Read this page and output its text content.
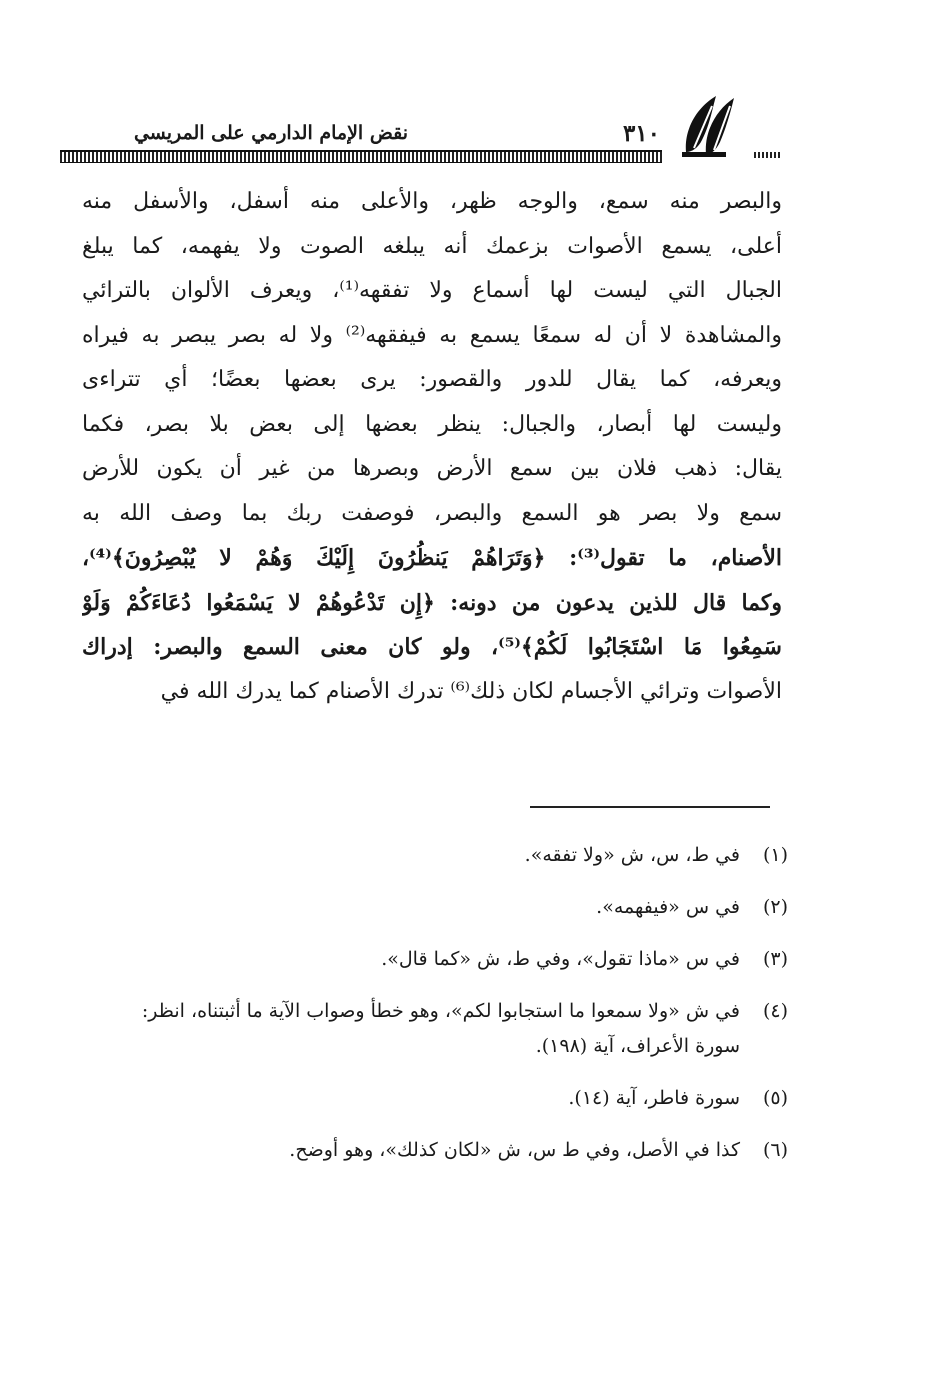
نقض الإمام الدارمي على المريسي	٣١٠
والبصر منه سمع، والوجه ظهر، والأعلى منه أسفل، والأسفل منه
أعلى، يسمع الأصوات بزعمك أنه يبلغه الصوت ولا يفهمه، كما يبلغ
الجبال التي ليست لها أسماع ولا تفقهه⁽¹⁾، ويعرف الألوان بالترائي
والمشاهدة لا أن له سمعًا يسمع به فيفقهه⁽²⁾ ولا له بصر يبصر به فيراه
ويعرفه، كما يقال للدور والقصور: يرى بعضها بعضًا؛ أي تتراءى
وليست لها أبصار، والجبال: ينظر بعضها إلى بعض بلا بصر، فكما
يقال: ذهب فلان بين سمع الأرض وبصرها من غير أن يكون للأرض
سمع ولا بصر هو السمع والبصر، فوصفت ربك بما وصف الله به
الأصنام، ما تقول⁽³⁾: ﴿وَتَرَاهُمْ يَنظُرُونَ إِلَيْكَ وَهُمْ لا يُبْصِرُونَ﴾⁽⁴⁾،
وكما قال للذين يدعون من دونه: ﴿إِن تَدْعُوهُمْ لا يَسْمَعُوا دُعَاءَكُمْ وَلَوْ
سَمِعُوا مَا اسْتَجَابُوا لَكُمْ﴾⁽⁵⁾، ولو كان معنى السمع والبصر: إدراك
الأصوات وترائي الأجسام لكان ذلك⁽⁶⁾ تدرك الأصنام كما يدرك الله في
(١)
في ط، س، ش «ولا تفقه».
(٢)
في س «فيفهمه».
(٣)
في س «ماذا تقول»، وفي ط، ش «كما قال».
(٤)
في ش «ولا سمعوا ما استجابوا لكم»، وهو خطأ وصواب الآية ما أثبتناه، انظر: سورة الأعراف، آية (١٩٨).
(٥)
سورة فاطر، آية (١٤).
(٦)
كذا في الأصل، وفي ط س، ش «لكان كذلك»، وهو أوضح.
